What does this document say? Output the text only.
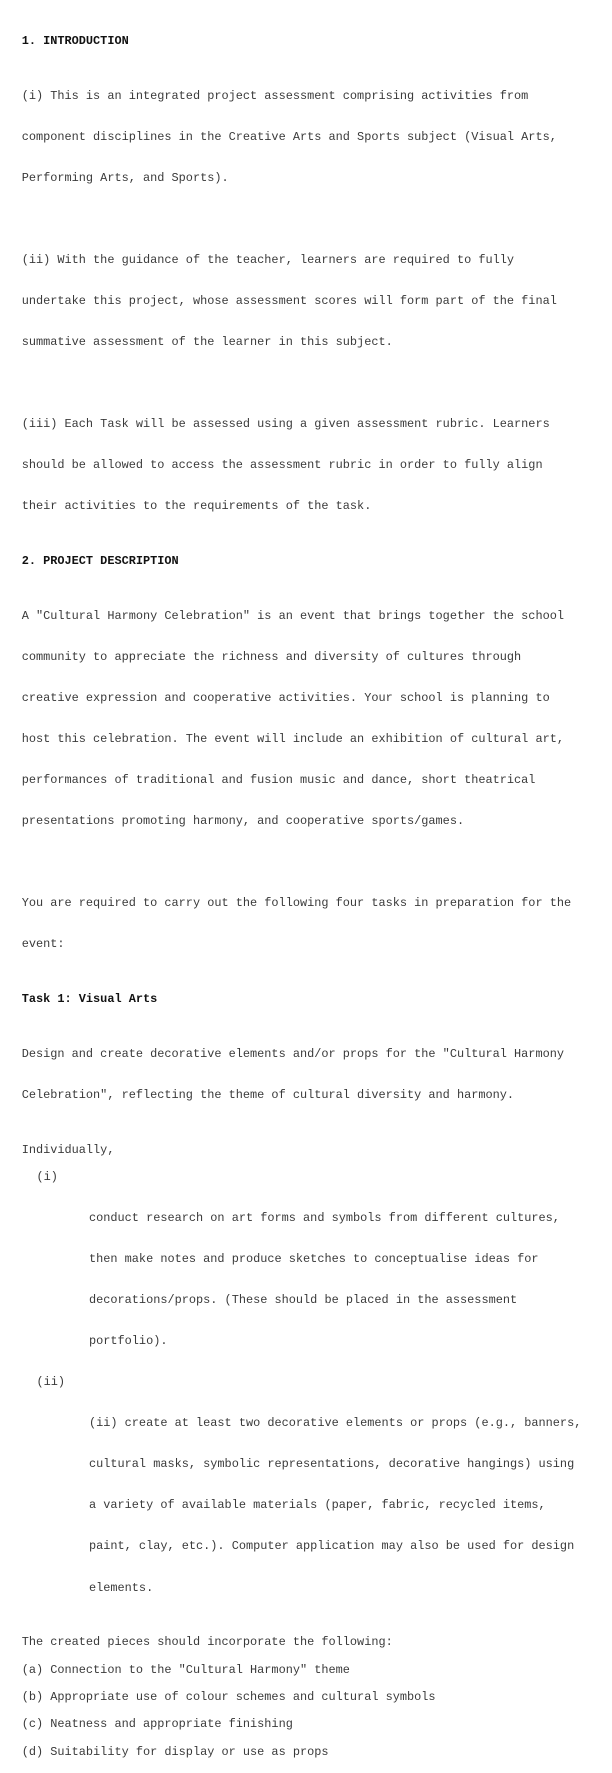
1. INTRODUCTION

(i) This is an integrated project assessment comprising activities from

component disciplines in the Creative Arts and Sports subject (Visual Arts,

Performing Arts, and Sports).

(ii) With the guidance of the teacher, learners are required to fully

undertake this project, whose assessment scores will form part of the final

summative assessment of the learner in this subject.

(iii) Each Task will be assessed using a given assessment rubric. Learners

should be allowed to access the assessment rubric in order to fully align

their activities to the requirements of the task.

2. PROJECT DESCRIPTION

A "Cultural Harmony Celebration" is an event that brings together the school

community to appreciate the richness and diversity of cultures through

creative expression and cooperative activities. Your school is planning to

host this celebration. The event will include an exhibition of cultural art,

performances of traditional and fusion music and dance, short theatrical

presentations promoting harmony, and cooperative sports/games.

You are required to carry out the following four tasks in preparation for the

event:

Task 1: Visual Arts

Design and create decorative elements and/or props for the "Cultural Harmony

Celebration", reflecting the theme of cultural diversity and harmony.

Individually,

(i)

conduct research on art forms and symbols from different cultures,

then make notes and produce sketches to conceptualise ideas for

decorations/props. (These should be placed in the assessment

portfolio).

(ii)

(ii) create at least two decorative elements or props (e.g., banners,

cultural masks, symbolic representations, decorative hangings) using

a variety of available materials (paper, fabric, recycled items,

paint, clay, etc.). Computer application may also be used for design

elements.

The created pieces should incorporate the following:
(a) Connection to the "Cultural Harmony" theme
(b) Appropriate use of colour schemes and cultural symbols
(c) Neatness and appropriate finishing
(d) Suitability for display or use as props
